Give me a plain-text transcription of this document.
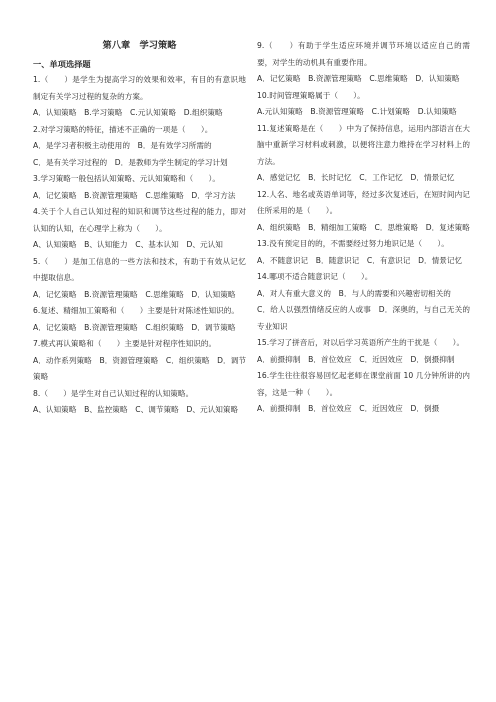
第八章　学习策略

一、单项选择题

1.（　　）是学生为提高学习的效果和效率，有目的有意识地制定有关学习过程的复杂的方案。

A．认知策略　B.学习策略　C.元认知策略　D.组织策略

2.对学习策略的特征，描述不正确的一项是（　　）。

A．是学习者积极主动使用的　B．是有效学习所需的

C．是有关学习过程的　D．是教师为学生制定的学习计划

3.学习策略一般包括认知策略、元认知策略和（　　）。

A．记忆策略　B.资源管理策略　C.思维策略　D．学习方法

4.关于个人自己认知过程的知识和调节这些过程的能力，即对认知的认知，在心理学上称为（　　）。

A、认知策略　B、认知能力　C、基本认知　D、元认知

5.（　　）是加工信息的一些方法和技术，有助于有效从记忆中提取信息。

A．记忆策略　B.资源管理策略　C.思维策略　D．认知策略

6.复述、精细加工策略和（　　）主要是针对陈述性知识的。

A．记忆策略　B.资源管理策略　C.组织策略　D．调节策略

7.模式再认策略和（　　）主要是针对程序性知识的。

A．动作系列策略　B．资源管理策略　C．组织策略　D．调节策略

8.（　　）是学生对自己认知过程的认知策略。

A、认知策略　B、监控策略　C、调节策略　D、元认知策略

9.（　　）有助于学生适应环境并调节环境以适应自己的需要，对学生的动机具有重要作用。

A．记忆策略　B.资源管理策略　C.思维策略　D．认知策略

10.时间管理策略属于（　　）。

A.元认知策略　B.资源管理策略　C.计划策略　D.认知策略

11.复述策略是在（　　）中为了保持信息，运用内部语言在大脑中重新学习材料或刺激，以便将注意力维持在学习材料上的方法。

A．感觉记忆　B．长时记忆　C．工作记忆　D．情景记忆

12.人名、地名或英语单词等，经过多次复述后，在短时间内记住所采用的是（　　）。

A．组织策略　B．精细加工策略　C．思维策略　D．复述策略

13.没有预定目的的，不需要经过努力地识记是（　　）。

A．不随意识记　B．随意识记　C．有意识记　D．情景记忆

14.哪项不适合随意识记（　　）。

A．对人有重大意义的　B．与人的需要和兴趣密切相关的

C．给人以强烈情绪反应的人或事　D．深奥的，与自己无关的专业知识

15.学习了拼音后，对以后学习英语所产生的干扰是（　　）。

A．前摄抑制　B．首位效应　C．近因效应　D．倒摄抑制

16.学生往往很容易回忆起老师在课堂前面 10 几分钟所讲的内容，这是一种（　　）。

A．前摄抑制　B．首位效应　C．近因效应　D．倒摄
